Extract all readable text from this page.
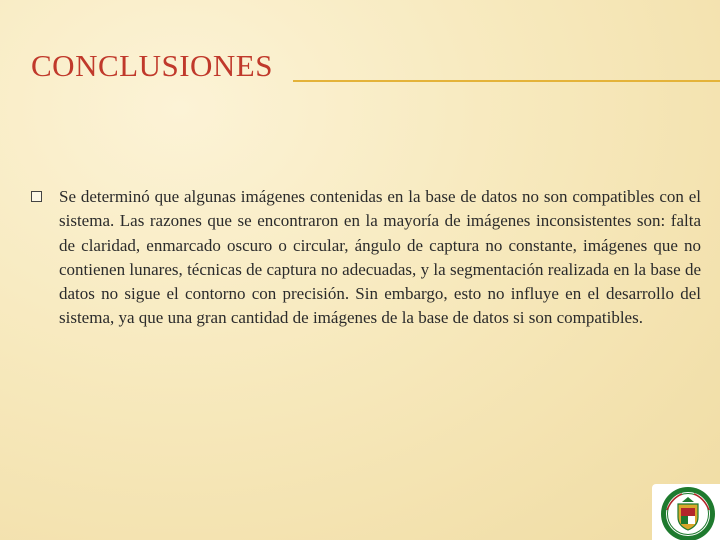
CONCLUSIONES

Se determinó que algunas imágenes contenidas en la base de datos no son compatibles con el sistema. Las razones que se encontraron en la mayoría de imágenes inconsistentes son: falta de claridad, enmarcado oscuro o circular, ángulo de captura no constante, imágenes que no contienen lunares, técnicas de captura no adecuadas, y la segmentación realizada en la base de datos no sigue el contorno con precisión. Sin embargo, esto no influye en el desarrollo del sistema, ya que una gran cantidad de imágenes de la base de datos si son compatibles.
